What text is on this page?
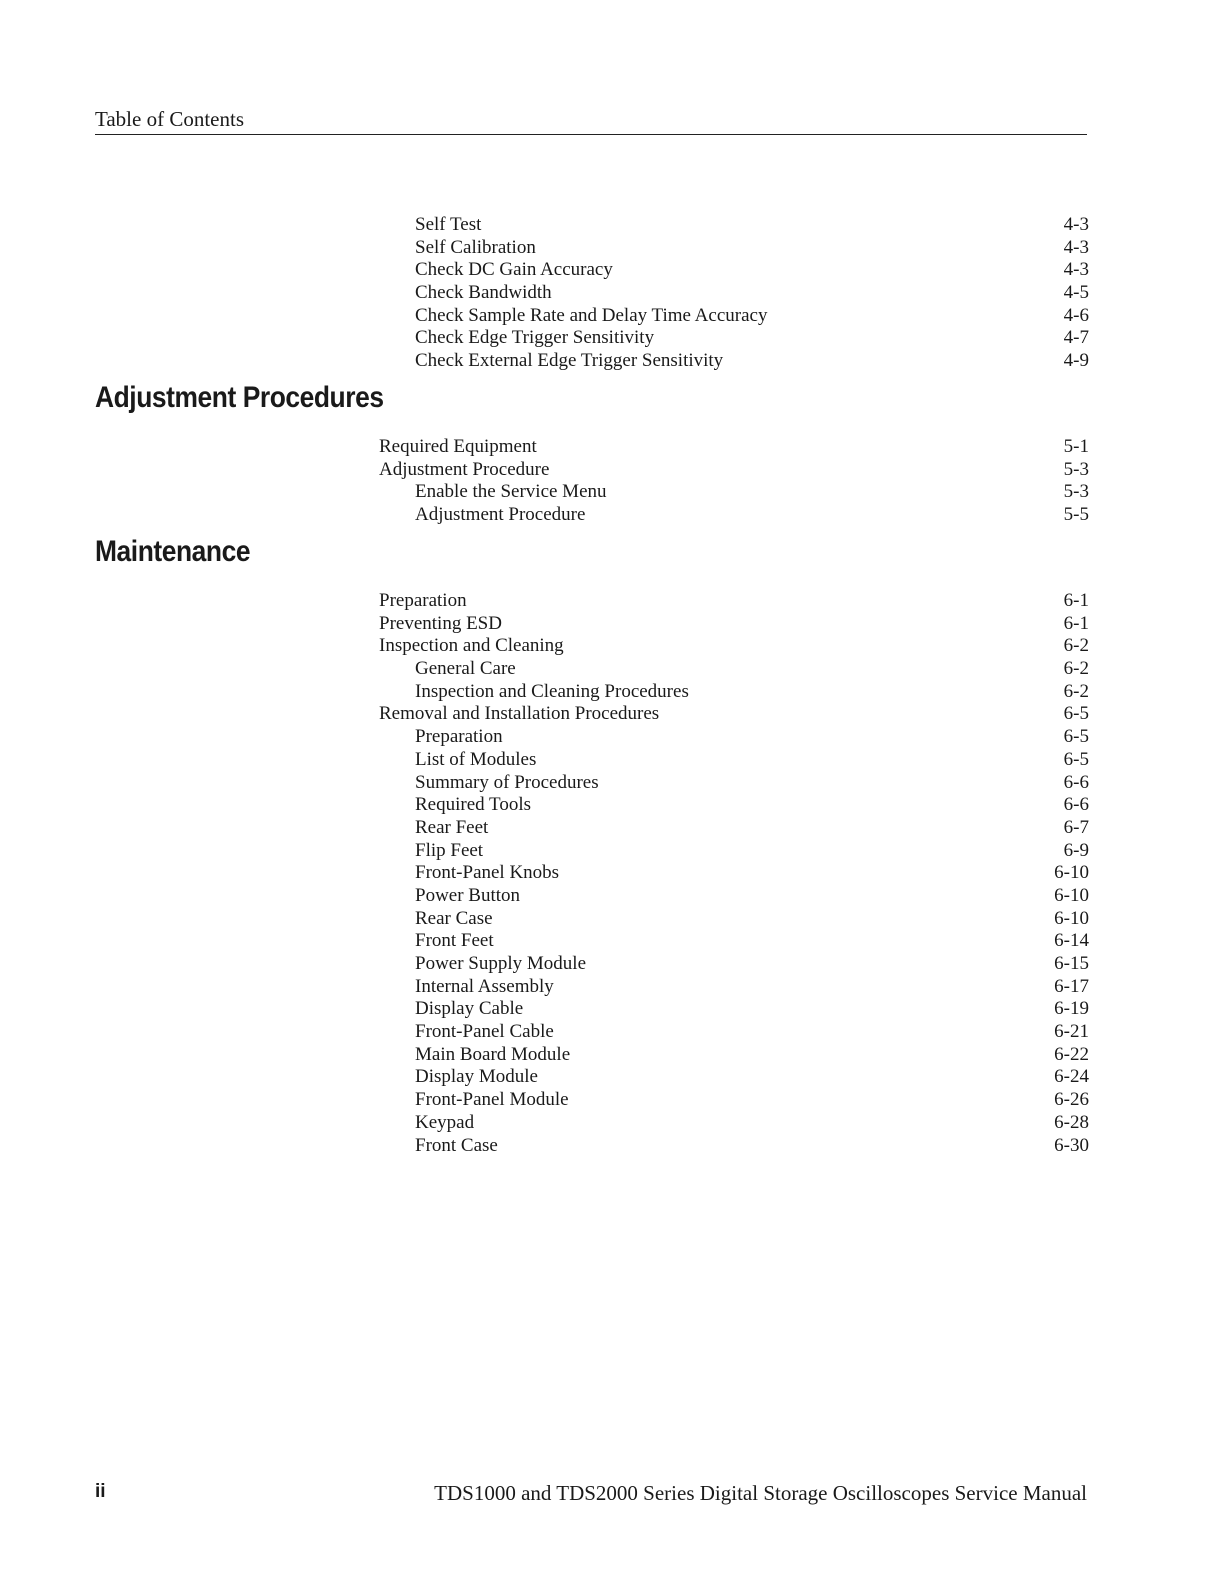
Table of Contents
Self Test	4-3
Self Calibration	4-3
Check DC Gain Accuracy	4-3
Check Bandwidth	4-5
Check Sample Rate and Delay Time Accuracy	4-6
Check Edge Trigger Sensitivity	4-7
Check External Edge Trigger Sensitivity	4-9
Adjustment Procedures
Required Equipment	5-1
Adjustment Procedure	5-3
Enable the Service Menu	5-3
Adjustment Procedure	5-5
Maintenance
Preparation	6-1
Preventing ESD	6-1
Inspection and Cleaning	6-2
General Care	6-2
Inspection and Cleaning Procedures	6-2
Removal and Installation Procedures	6-5
Preparation	6-5
List of Modules	6-5
Summary of Procedures	6-6
Required Tools	6-6
Rear Feet	6-7
Flip Feet	6-9
Front-Panel Knobs	6-10
Power Button	6-10
Rear Case	6-10
Front Feet	6-14
Power Supply Module	6-15
Internal Assembly	6-17
Display Cable	6-19
Front-Panel Cable	6-21
Main Board Module	6-22
Display Module	6-24
Front-Panel Module	6-26
Keypad	6-28
Front Case	6-30
ii	TDS1000 and TDS2000 Series Digital Storage Oscilloscopes Service Manual
